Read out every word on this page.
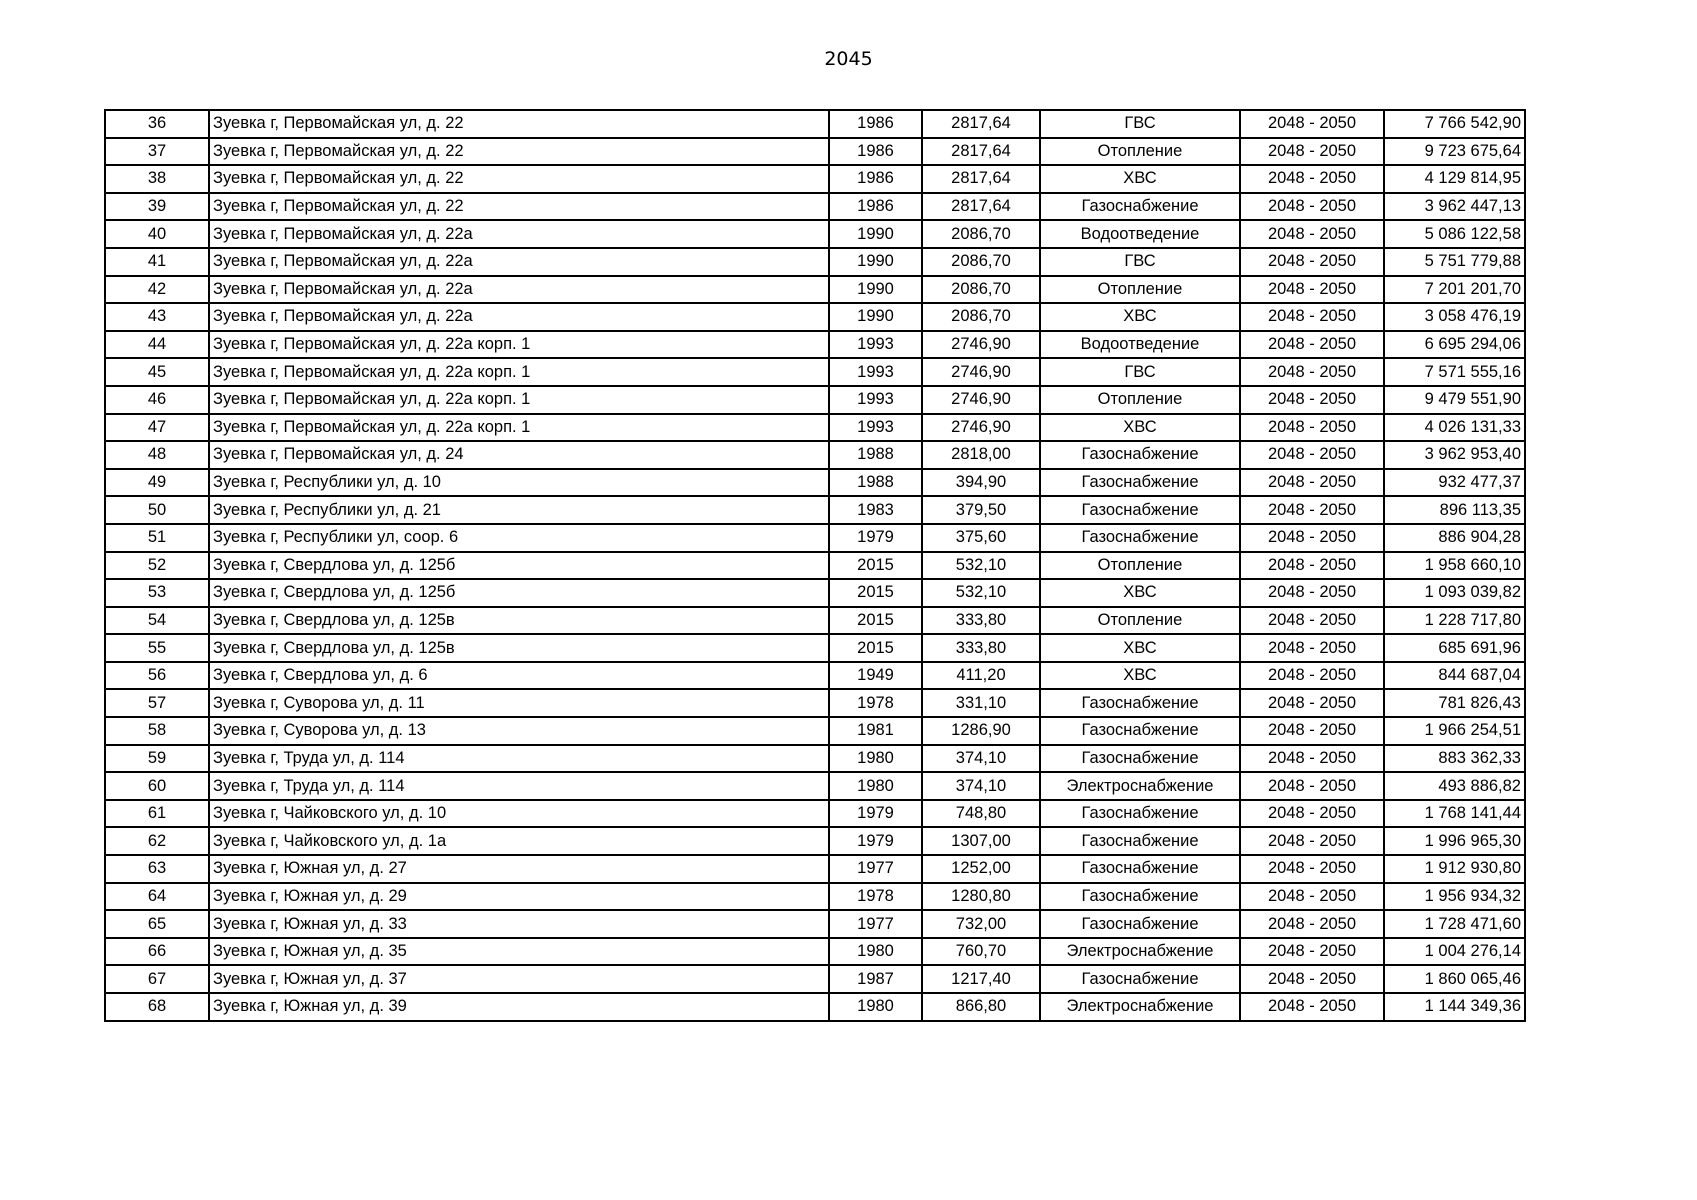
2045
36	Зуевка г, Первомайская ул, д. 22	1986	2817,64	ГВС	2048 - 2050	7 766 542,90
37	Зуевка г, Первомайская ул, д. 22	1986	2817,64	Отопление	2048 - 2050	9 723 675,64
38	Зуевка г, Первомайская ул, д. 22	1986	2817,64	ХВС	2048 - 2050	4 129 814,95
39	Зуевка г, Первомайская ул, д. 22	1986	2817,64	Газоснабжение	2048 - 2050	3 962 447,13
40	Зуевка г, Первомайская ул, д. 22а	1990	2086,70	Водоотведение	2048 - 2050	5 086 122,58
41	Зуевка г, Первомайская ул, д. 22а	1990	2086,70	ГВС	2048 - 2050	5 751 779,88
42	Зуевка г, Первомайская ул, д. 22а	1990	2086,70	Отопление	2048 - 2050	7 201 201,70
43	Зуевка г, Первомайская ул, д. 22а	1990	2086,70	ХВС	2048 - 2050	3 058 476,19
44	Зуевка г, Первомайская ул, д. 22а корп. 1	1993	2746,90	Водоотведение	2048 - 2050	6 695 294,06
45	Зуевка г, Первомайская ул, д. 22а корп. 1	1993	2746,90	ГВС	2048 - 2050	7 571 555,16
46	Зуевка г, Первомайская ул, д. 22а корп. 1	1993	2746,90	Отопление	2048 - 2050	9 479 551,90
47	Зуевка г, Первомайская ул, д. 22а корп. 1	1993	2746,90	ХВС	2048 - 2050	4 026 131,33
48	Зуевка г, Первомайская ул, д. 24	1988	2818,00	Газоснабжение	2048 - 2050	3 962 953,40
49	Зуевка г, Республики ул, д. 10	1988	394,90	Газоснабжение	2048 - 2050	932 477,37
50	Зуевка г, Республики ул, д. 21	1983	379,50	Газоснабжение	2048 - 2050	896 113,35
51	Зуевка г, Республики ул, соор. 6	1979	375,60	Газоснабжение	2048 - 2050	886 904,28
52	Зуевка г, Свердлова ул, д. 125б	2015	532,10	Отопление	2048 - 2050	1 958 660,10
53	Зуевка г, Свердлова ул, д. 125б	2015	532,10	ХВС	2048 - 2050	1 093 039,82
54	Зуевка г, Свердлова ул, д. 125в	2015	333,80	Отопление	2048 - 2050	1 228 717,80
55	Зуевка г, Свердлова ул, д. 125в	2015	333,80	ХВС	2048 - 2050	685 691,96
56	Зуевка г, Свердлова ул, д. 6	1949	411,20	ХВС	2048 - 2050	844 687,04
57	Зуевка г, Суворова ул, д. 11	1978	331,10	Газоснабжение	2048 - 2050	781 826,43
58	Зуевка г, Суворова ул, д. 13	1981	1286,90	Газоснабжение	2048 - 2050	1 966 254,51
59	Зуевка г, Труда ул, д. 114	1980	374,10	Газоснабжение	2048 - 2050	883 362,33
60	Зуевка г, Труда ул, д. 114	1980	374,10	Электроснабжение	2048 - 2050	493 886,82
61	Зуевка г, Чайковского ул, д. 10	1979	748,80	Газоснабжение	2048 - 2050	1 768 141,44
62	Зуевка г, Чайковского ул, д. 1а	1979	1307,00	Газоснабжение	2048 - 2050	1 996 965,30
63	Зуевка г, Южная ул, д. 27	1977	1252,00	Газоснабжение	2048 - 2050	1 912 930,80
64	Зуевка г, Южная ул, д. 29	1978	1280,80	Газоснабжение	2048 - 2050	1 956 934,32
65	Зуевка г, Южная ул, д. 33	1977	732,00	Газоснабжение	2048 - 2050	1 728 471,60
66	Зуевка г, Южная ул, д. 35	1980	760,70	Электроснабжение	2048 - 2050	1 004 276,14
67	Зуевка г, Южная ул, д. 37	1987	1217,40	Газоснабжение	2048 - 2050	1 860 065,46
68	Зуевка г, Южная ул, д. 39	1980	866,80	Электроснабжение	2048 - 2050	1 144 349,36
